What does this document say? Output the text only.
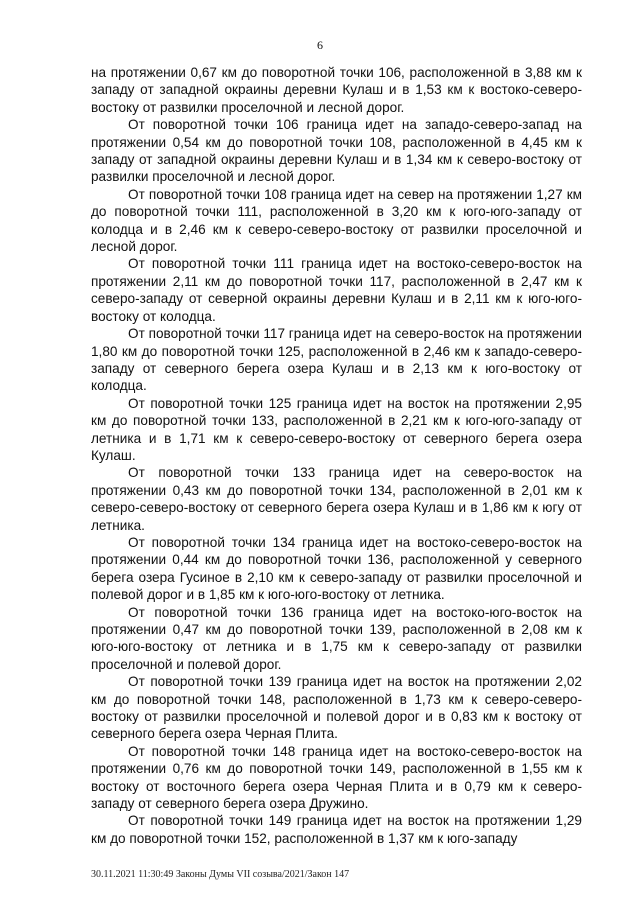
6

на протяжении 0,67 км до поворотной точки 106, расположенной в 3,88 км к западу от западной окраины деревни Кулаш и в 1,53 км к востоко-северо-востоку от развилки проселочной и лесной дорог.

От поворотной точки 106 граница идет на западо-северо-запад на протяжении 0,54 км до поворотной точки 108, расположенной в 4,45 км к западу от западной окраины деревни Кулаш и в 1,34 км к северо-востоку от развилки проселочной и лесной дорог.

От поворотной точки 108 граница идет на север на протяжении 1,27 км до поворотной точки 111, расположенной в 3,20 км к юго-юго-западу от колодца и в 2,46 км к северо-северо-востоку от развилки проселочной и лесной дорог.

От поворотной точки 111 граница идет на востоко-северо-восток на протяжении 2,11 км до поворотной точки 117, расположенной в 2,47 км к северо-западу от северной окраины деревни Кулаш и в 2,11 км к юго-юго-востоку от колодца.

От поворотной точки 117 граница идет на северо-восток на протяжении 1,80 км до поворотной точки 125, расположенной в 2,46 км к западо-северо-западу от северного берега озера Кулаш и в 2,13 км к юго-востоку от колодца.

От поворотной точки 125 граница идет на восток на протяжении 2,95 км до поворотной точки 133, расположенной в 2,21 км к юго-юго-западу от летника и в 1,71 км к северо-северо-востоку от северного берега озера Кулаш.

От поворотной точки 133 граница идет на северо-восток на протяжении 0,43 км до поворотной точки 134, расположенной в 2,01 км к северо-северо-востоку от северного берега озера Кулаш и в 1,86 км к югу от летника.

От поворотной точки 134 граница идет на востоко-северо-восток на протяжении 0,44 км до поворотной точки 136, расположенной у северного берега озера Гусиное в 2,10 км к северо-западу от развилки проселочной и полевой дорог и в 1,85 км к юго-юго-востоку от летника.

От поворотной точки 136 граница идет на востоко-юго-восток на протяжении 0,47 км до поворотной точки 139, расположенной в 2,08 км к юго-юго-востоку от летника и в 1,75 км к северо-западу от развилки проселочной и полевой дорог.

От поворотной точки 139 граница идет на восток на протяжении 2,02 км до поворотной точки 148, расположенной в 1,73 км к северо-северо-востоку от развилки проселочной и полевой дорог и в 0,83 км к востоку от северного берега озера Черная Плита.

От поворотной точки 148 граница идет на востоко-северо-восток на протяжении 0,76 км до поворотной точки 149, расположенной в 1,55 км к востоку от восточного берега озера Черная Плита и в 0,79 км к северо-западу от северного берега озера Дружино.

От поворотной точки 149 граница идет на восток на протяжении 1,29 км до поворотной точки 152, расположенной в 1,37 км к юго-западу

30.11.2021 11:30:49 Законы Думы VII созыва/2021/Закон 147
